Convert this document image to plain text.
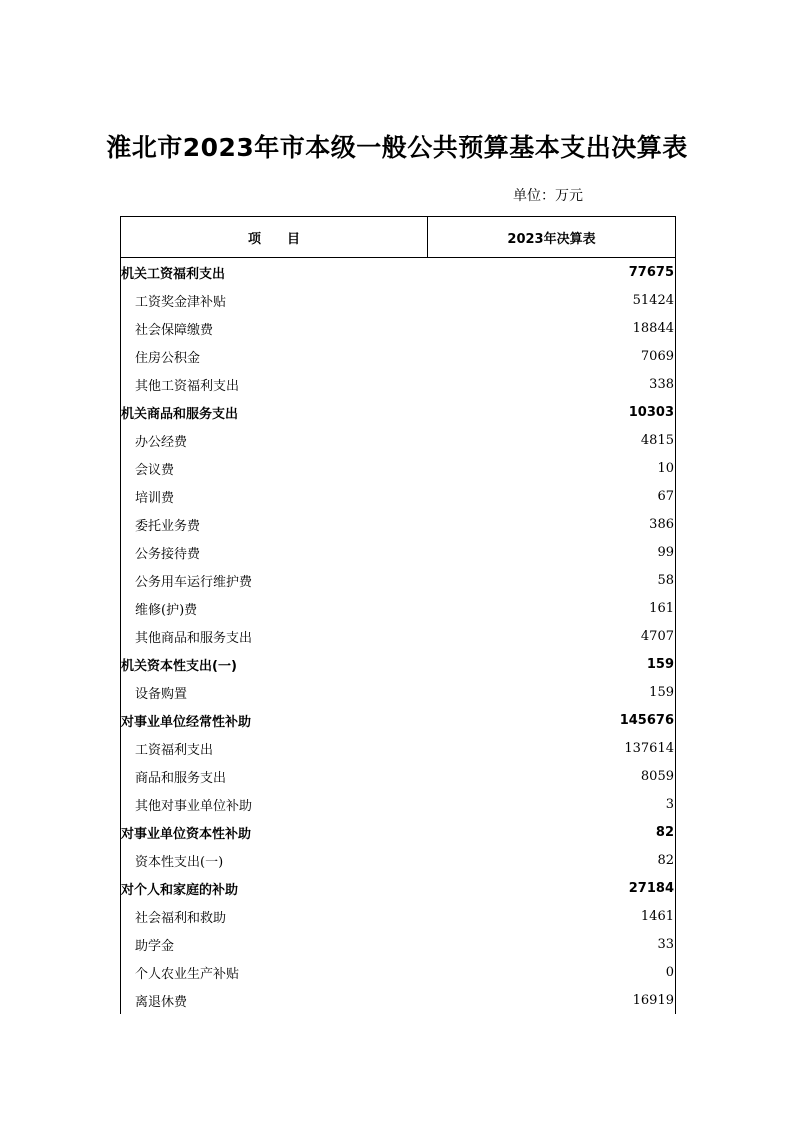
淮北市2023年市本级一般公共预算基本支出决算表
单位：万元
项　　目	2023年决算表
机关工资福利支出	77675
工资奖金津补贴	51424
社会保障缴费	18844
住房公积金	7069
其他工资福利支出	338
机关商品和服务支出	10303
办公经费	4815
会议费	10
培训费	67
委托业务费	386
公务接待费	99
公务用车运行维护费	58
维修(护)费	161
其他商品和服务支出	4707
机关资本性支出(一)	159
设备购置	159
对事业单位经常性补助	145676
工资福利支出	137614
商品和服务支出	8059
其他对事业单位补助	3
对事业单位资本性补助	82
资本性支出(一)	82
对个人和家庭的补助	27184
社会福利和救助	1461
助学金	33
个人农业生产补贴	0
离退休费	16919
